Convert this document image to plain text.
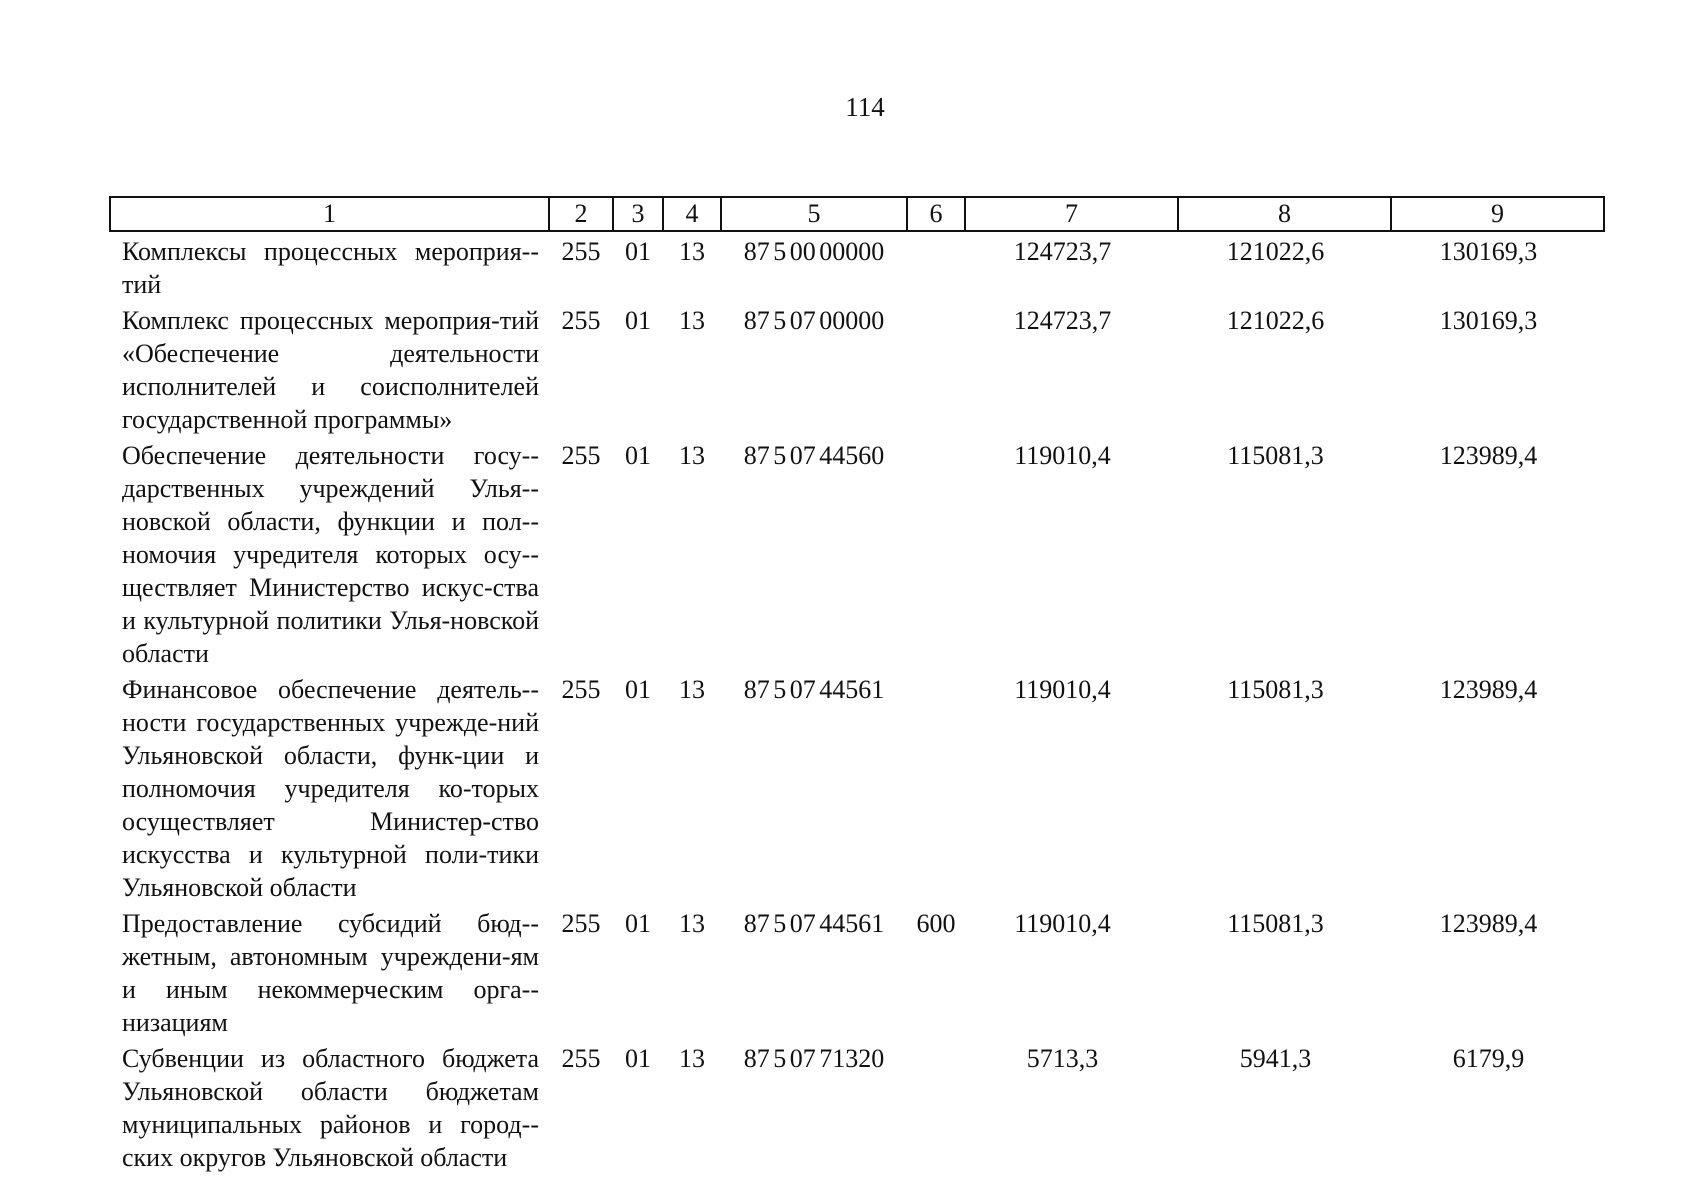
114
1	2	3	4	5	6	7	8	9
Комплексы процессных мероприя-тий	255	01	13	87 5 00 00000		124723,7	121022,6	130169,3
Комплекс процессных мероприя-тий «Обеспечение деятельности исполнителей и соисполнителей государственной программы»	255	01	13	87 5 07 00000		124723,7	121022,6	130169,3
Обеспечение деятельности госу-дарственных учреждений Улья-новской области, функции и пол-номочия учредителя которых осу-ществляет Министерство искус-ства и культурной политики Улья-новской области	255	01	13	87 5 07 44560		119010,4	115081,3	123989,4
Финансовое обеспечение деятель-ности государственных учрежде-ний Ульяновской области, функ-ции и полномочия учредителя ко-торых осуществляет Министер-ство искусства и культурной поли-тики Ульяновской области	255	01	13	87 5 07 44561		119010,4	115081,3	123989,4
Предоставление субсидий бюд-жетным, автономным учреждени-ям и иным некоммерческим орга-низациям	255	01	13	87 5 07 44561	600	119010,4	115081,3	123989,4
Субвенции из областного бюджета Ульяновской области бюджетам муниципальных районов и город-ских округов Ульяновской области	255	01	13	87 5 07 71320		5713,3	5941,3	6179,9
